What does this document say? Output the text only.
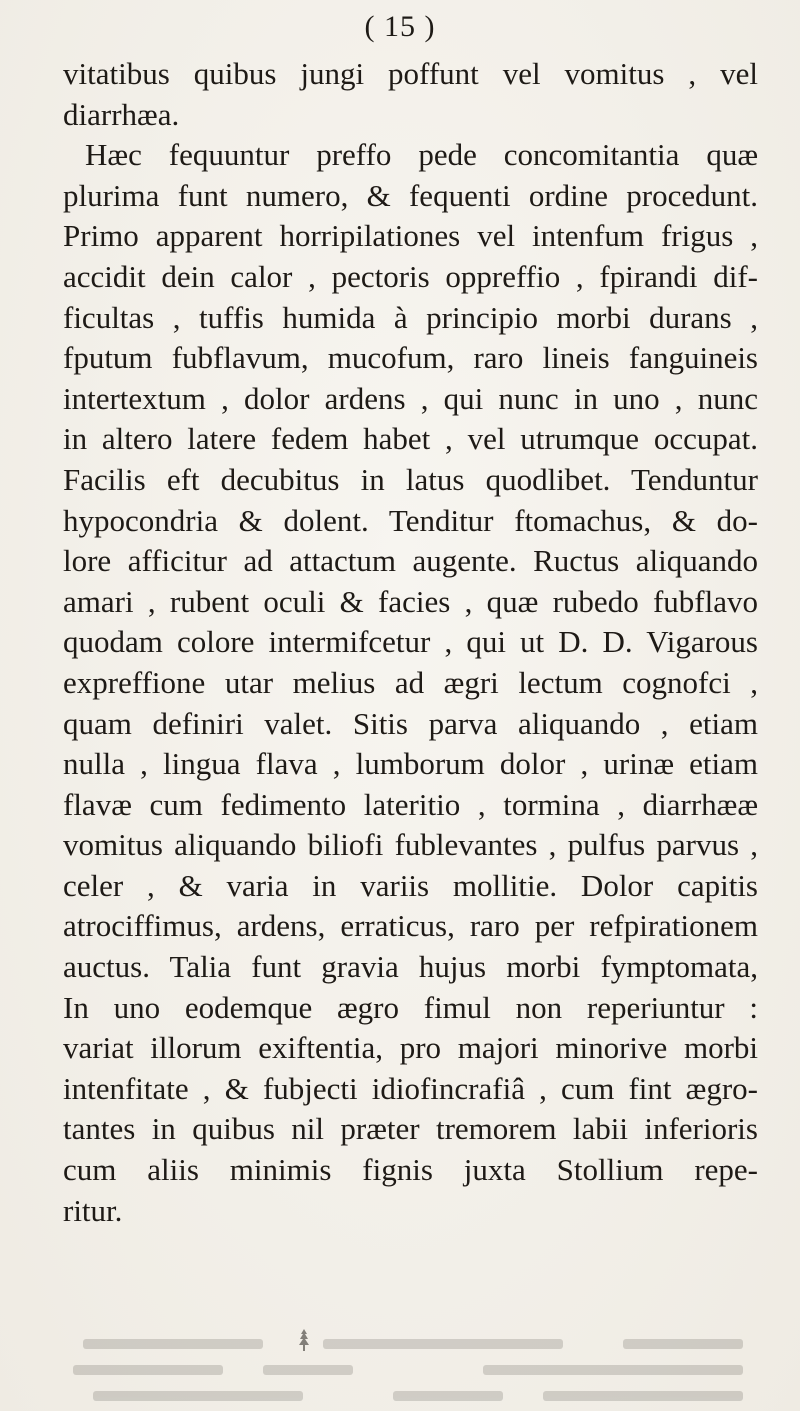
( 15 )
vitatibus quibus jungi poffunt vel vomitus , vel
diarrhæa.
Hæc fequuntur preffo pede concomitantia quæ
plurima funt numero, & fequenti ordine procedunt.
Primo apparent horripilationes vel intenfum frigus ,
accidit dein calor , pectoris oppreffio , fpirandi dif-
ficultas , tuffis humida à principio morbi durans ,
fputum fubflavum, mucofum, raro lineis fanguineis
intertextum , dolor ardens , qui nunc in uno , nunc
in altero latere fedem habet , vel utrumque occupat.
Facilis eft decubitus in latus quodlibet. Tenduntur
hypocondria & dolent. Tenditur ftomachus, & do-
lore afficitur ad attactum augente. Ructus aliquando
amari , rubent oculi & facies , quæ rubedo fubflavo
quodam colore intermifcetur , qui ut D. D. Vigarous
expreffione utar melius ad ægri lectum cognofci ,
quam definiri valet. Sitis parva aliquando , etiam
nulla , lingua flava , lumborum dolor , urinæ etiam
flavæ cum fedimento lateritio , tormina , diarrhææ
vomitus aliquando biliofi fublevantes , pulfus parvus ,
celer , & varia in variis mollitie. Dolor capitis
atrociffimus, ardens, erraticus, raro per refpirationem
auctus. Talia funt gravia hujus morbi fymptomata,
In uno eodemque ægro fimul non reperiuntur :
variat illorum exiftentia, pro majori minorive morbi
intenfitate , & fubjecti idiofincrafiâ , cum fint ægro-
tantes in quibus nil præter tremorem labii inferioris
cum aliis minimis fignis juxta Stollium repe-
ritur.
